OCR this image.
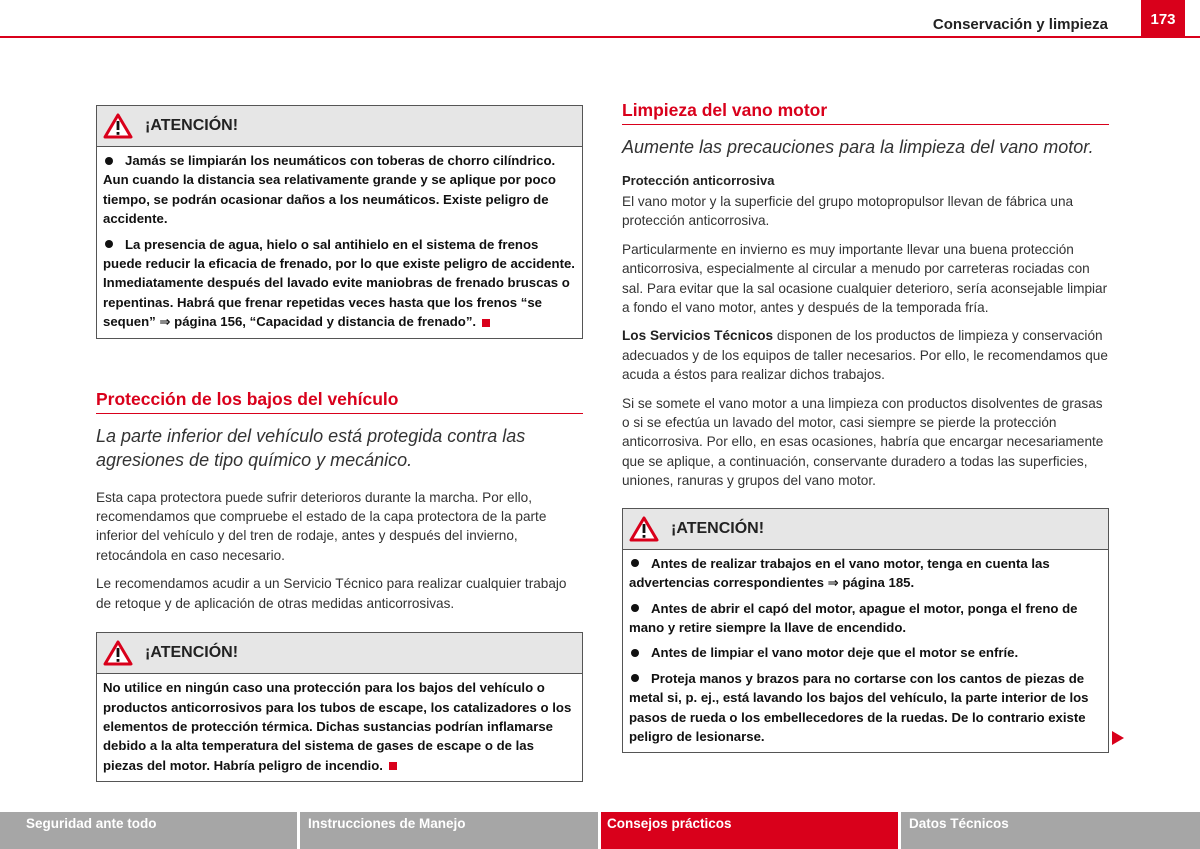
Conservación y limpieza	173
¡ATENCIÓN!

Jamás se limpiarán los neumáticos con toberas de chorro cilíndrico. Aun cuando la distancia sea relativamente grande y se aplique por poco tiempo, se podrán ocasionar daños a los neumáticos. Existe peligro de accidente.

La presencia de agua, hielo o sal antihielo en el sistema de frenos puede reducir la eficacia de frenado, por lo que existe peligro de accidente. Inmediatamente después del lavado evite maniobras de frenado bruscas o repentinas. Habrá que frenar repetidas veces hasta que los frenos “se sequen” ⇒ página 156, “Capacidad y distancia de frenado”.

Protección de los bajos del vehículo
La parte inferior del vehículo está protegida contra las agresiones de tipo químico y mecánico.

Esta capa protectora puede sufrir deterioros durante la marcha. Por ello, recomendamos que compruebe el estado de la capa protectora de la parte inferior del vehículo y del tren de rodaje, antes y después del invierno, retocándola en caso necesario.

Le recomendamos acudir a un Servicio Técnico para realizar cualquier trabajo de retoque y de aplicación de otras medidas anticorrosivas.

¡ATENCIÓN!

No utilice en ningún caso una protección para los bajos del vehículo o productos anticorrosivos para los tubos de escape, los catalizadores o los elementos de protección térmica. Dichas sustancias podrían inflamarse debido a la alta temperatura del sistema de gases de escape o de las piezas del motor. Habría peligro de incendio.

Limpieza del vano motor
Aumente las precauciones para la limpieza del vano motor.

Protección anticorrosiva

El vano motor y la superficie del grupo motopropulsor llevan de fábrica una protección anticorrosiva.

Particularmente en invierno es muy importante llevar una buena protección anticorrosiva, especialmente al circular a menudo por carreteras rociadas con sal. Para evitar que la sal ocasione cualquier deterioro, sería aconsejable limpiar a fondo el vano motor, antes y después de la temporada fría.

Los Servicios Técnicos disponen de los productos de limpieza y conservación adecuados y de los equipos de taller necesarios. Por ello, le recomendamos que acuda a éstos para realizar dichos trabajos.

Si se somete el vano motor a una limpieza con productos disolventes de grasas o si se efectúa un lavado del motor, casi siempre se pierde la protección anticorrosiva. Por ello, en esas ocasiones, habría que encargar necesariamente que se aplique, a continuación, conservante duradero a todas las superficies, uniones, ranuras y grupos del vano motor.

¡ATENCIÓN!

Antes de realizar trabajos en el vano motor, tenga en cuenta las advertencias correspondientes ⇒ página 185.

Antes de abrir el capó del motor, apague el motor, ponga el freno de mano y retire siempre la llave de encendido.

Antes de limpiar el vano motor deje que el motor se enfríe.

Proteja manos y brazos para no cortarse con los cantos de piezas de metal si, p. ej., está lavando los bajos del vehículo, la parte interior de los pasos de rueda o los embellecedores de la ruedas. De lo contrario existe peligro de lesionarse.

Seguridad ante todo	Instrucciones de Manejo	Consejos prácticos	Datos Técnicos
